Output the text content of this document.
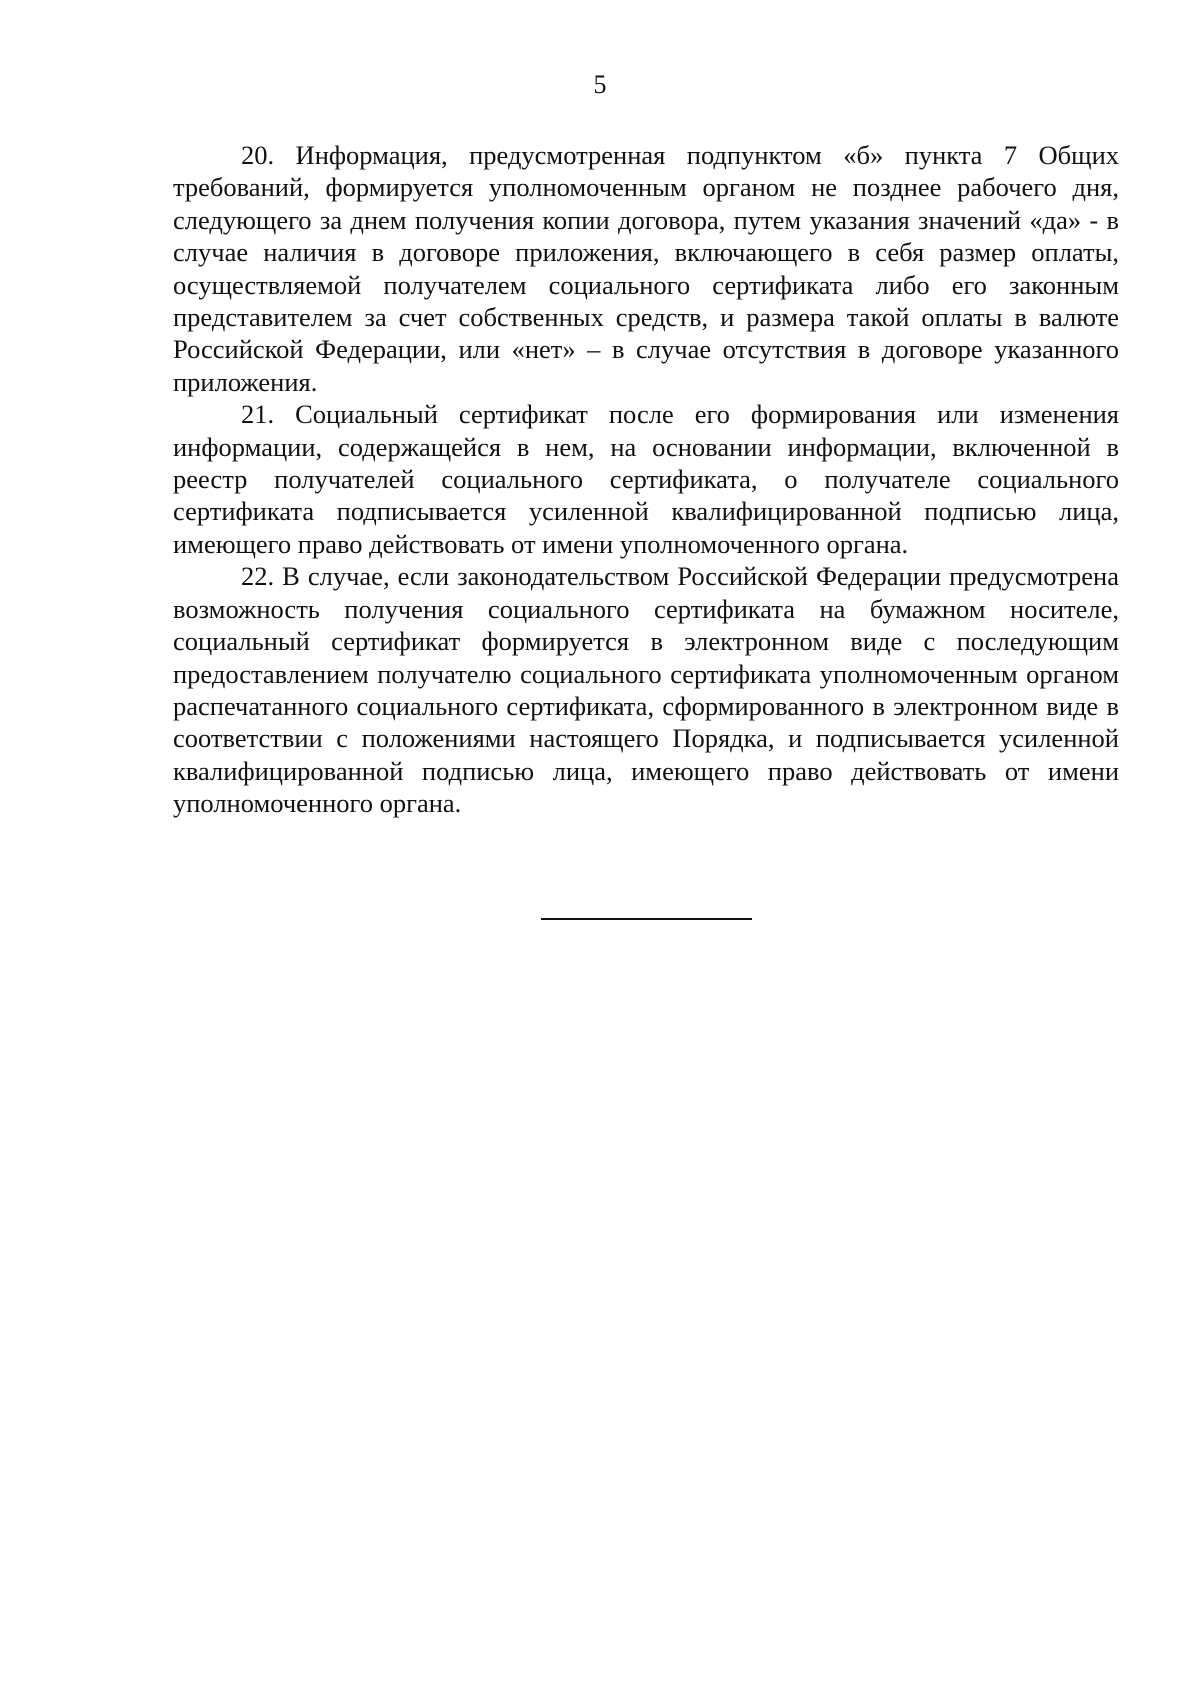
5

20. Информация, предусмотренная подпунктом «б» пункта 7 Общих требований, формируется уполномоченным органом не позднее рабочего дня, следующего за днем получения копии договора, путем указания значений «да» - в случае наличия в договоре приложения, включающего в себя размер оплаты, осуществляемой получателем социального сертификата либо его законным представителем за счет собственных средств, и размера такой оплаты в валюте Российской Федерации, или «нет» – в случае отсутствия в договоре указанного приложения.

21. Социальный сертификат после его формирования или изменения информации, содержащейся в нем, на основании информации, включенной в реестр получателей социального сертификата, о получателе социального сертификата подписывается усиленной квалифицированной подписью лица, имеющего право действовать от имени уполномоченного органа.

22. В случае, если законодательством Российской Федерации предусмотрена возможность получения социального сертификата на бумажном носителе, социальный сертификат формируется в электронном виде с последующим предоставлением получателю социального сертификата уполномоченным органом распечатанного социального сертификата, сформированного в электронном виде в соответствии с положениями настоящего Порядка, и подписывается усиленной квалифицированной подписью лица, имеющего право действовать от имени уполномоченного органа.
